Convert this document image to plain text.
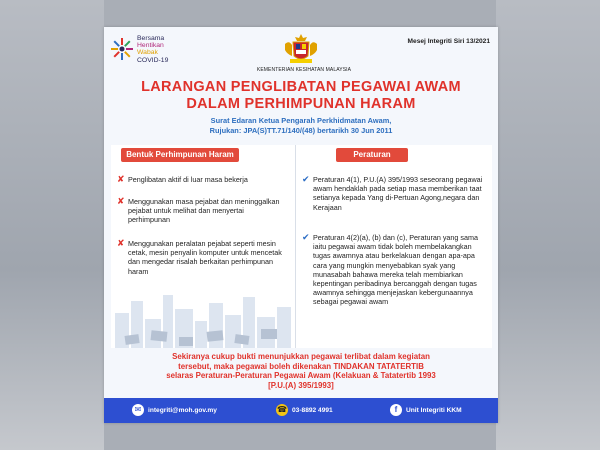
Bersama
Hentikan
Wabak
COVID-19
KEMENTERIAN KESIHATAN MALAYSIA
Mesej Integriti Siri 13/2021
LARANGAN PENGLIBATAN PEGAWAI AWAM
DALAM PERHIMPUNAN HARAM
Surat Edaran Ketua Pengarah Perkhidmatan Awam,
Rujukan: JPA(S)TT.71/140/(48) bertarikh 30 Jun 2011
Bentuk Perhimpunan Haram
✘ Penglibatan aktif di luar masa bekerja
✘ Menggunakan masa pejabat dan meninggalkan pejabat untuk melihat dan menyertai perhimpunan
✘ Menggunakan peralatan pejabat seperti mesin cetak, mesin penyalin komputer untuk mencetak dan mengedar risalah berkaitan perhimpunan haram
Peraturan
✔ Peraturan 4(1), P.U.(A) 395/1993 seseorang pegawai awam hendaklah pada setiap masa memberikan taat setianya kepada Yang di-Pertuan Agong,negara dan Kerajaan
✔ Peraturan 4(2)(a), (b) dan (c), Peraturan yang sama iaitu pegawai awam tidak boleh membelakangkan tugas awamnya atau berkelakuan dengan apa-apa cara yang mungkin menyebabkan syak yang munasabah bahawa mereka telah membiarkan kepentingan peribadinya bercanggah dengan tugas awamnya sehingga menjejaskan kebergunaannya sebagai pegawai awam
Sekiranya cukup bukti menunjukkan pegawai terlibat dalam kegiatan
tersebut, maka pegawai boleh dikenakan TINDAKAN TATATERTIB
selaras Peraturan-Peraturan Pegawai Awam (Kelakuan & Tatatertib 1993
[P.U.(A) 395/1993]
✉ integriti@moh.gov.my	☎ 03-8892 4991	f Unit Integriti KKM
